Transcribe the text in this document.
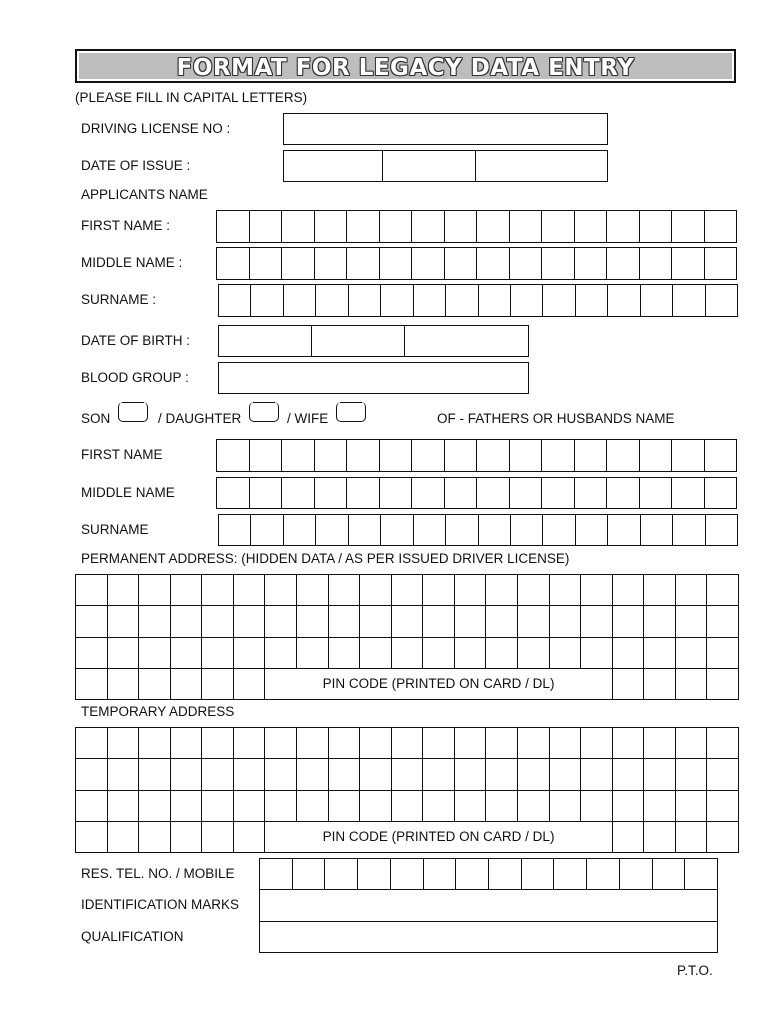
FORMAT FOR LEGACY DATA ENTRY
(PLEASE FILL IN CAPITAL LETTERS)
DRIVING LICENSE NO :
DATE OF ISSUE :
APPLICANTS NAME
FIRST NAME :
MIDDLE NAME :
SURNAME :
DATE OF BIRTH :
BLOOD GROUP :
SON	/ DAUGHTER	/ WIFE	OF - FATHERS OR HUSBANDS NAME
FIRST NAME
MIDDLE NAME
SURNAME
PERMANENT ADDRESS: (HIDDEN DATA / AS PER ISSUED DRIVER LICENSE)
PIN CODE (PRINTED ON CARD / DL)
TEMPORARY ADDRESS
PIN CODE (PRINTED ON CARD / DL)
RES. TEL. NO. / MOBILE
IDENTIFICATION MARKS
QUALIFICATION
P.T.O.
